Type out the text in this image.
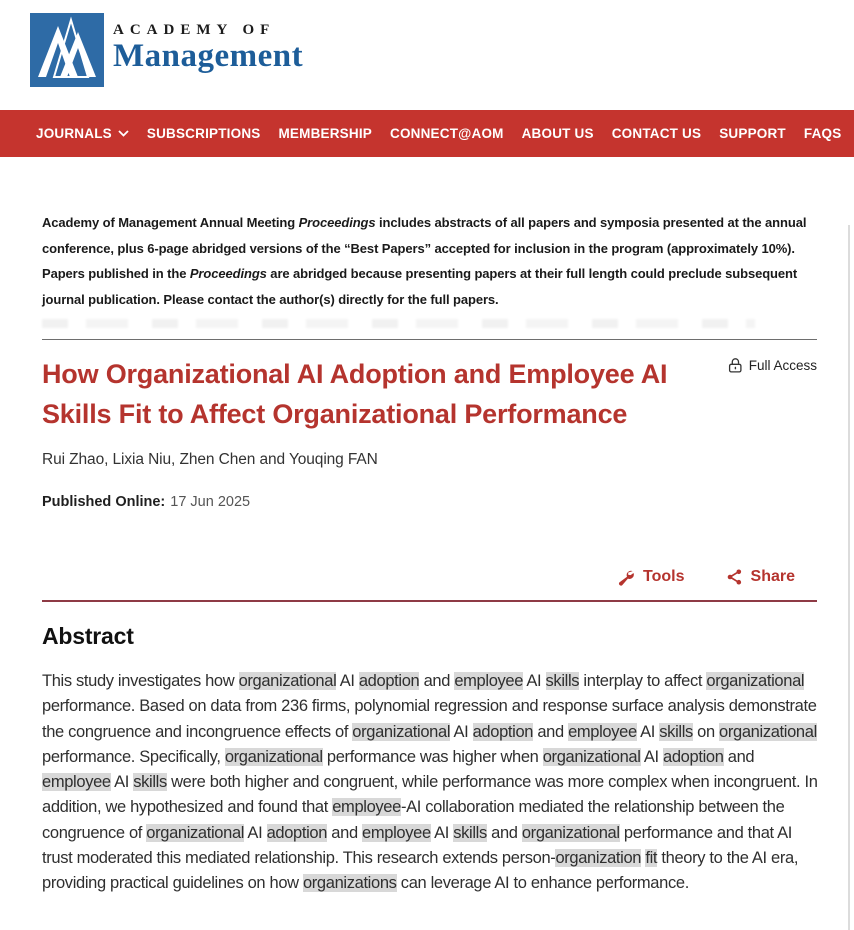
ACADEMY OF
Management
JOURNALS	SUBSCRIPTIONS MEMBERSHIP CONNECT@AOM ABOUT US CONTACT US SUPPORT FAQS

Academy of Management Annual Meeting Proceedings includes abstracts of all papers and symposia presented at the annual conference, plus 6-page abridged versions of the “Best Papers” accepted for inclusion in the program (approximately 10%). Papers published in the Proceedings are abridged because presenting papers at their full length could preclude subsequent journal publication. Please contact the author(s) directly for the full papers.

How Organizational AI Adoption and Employee AI Skills Fit to Affect Organizational Performance
Full Access
Rui Zhao, Lixia Niu, Zhen Chen and Youqing FAN
Published Online: 17 Jun 2025
Tools	Share
Abstract

This study investigates how organizational AI adoption and employee AI skills interplay to affect organizational performance. Based on data from 236 firms, polynomial regression and response surface analysis demonstrate the congruence and incongruence effects of organizational AI adoption and employee AI skills on organizational performance. Specifically, organizational performance was higher when organizational AI adoption and employee AI skills were both higher and congruent, while performance was more complex when incongruent. In addition, we hypothesized and found that employee-AI collaboration mediated the relationship between the congruence of organizational AI adoption and employee AI skills and organizational performance and that AI trust moderated this mediated relationship. This research extends person-organization fit theory to the AI era, providing practical guidelines on how organizations can leverage AI to enhance performance.
